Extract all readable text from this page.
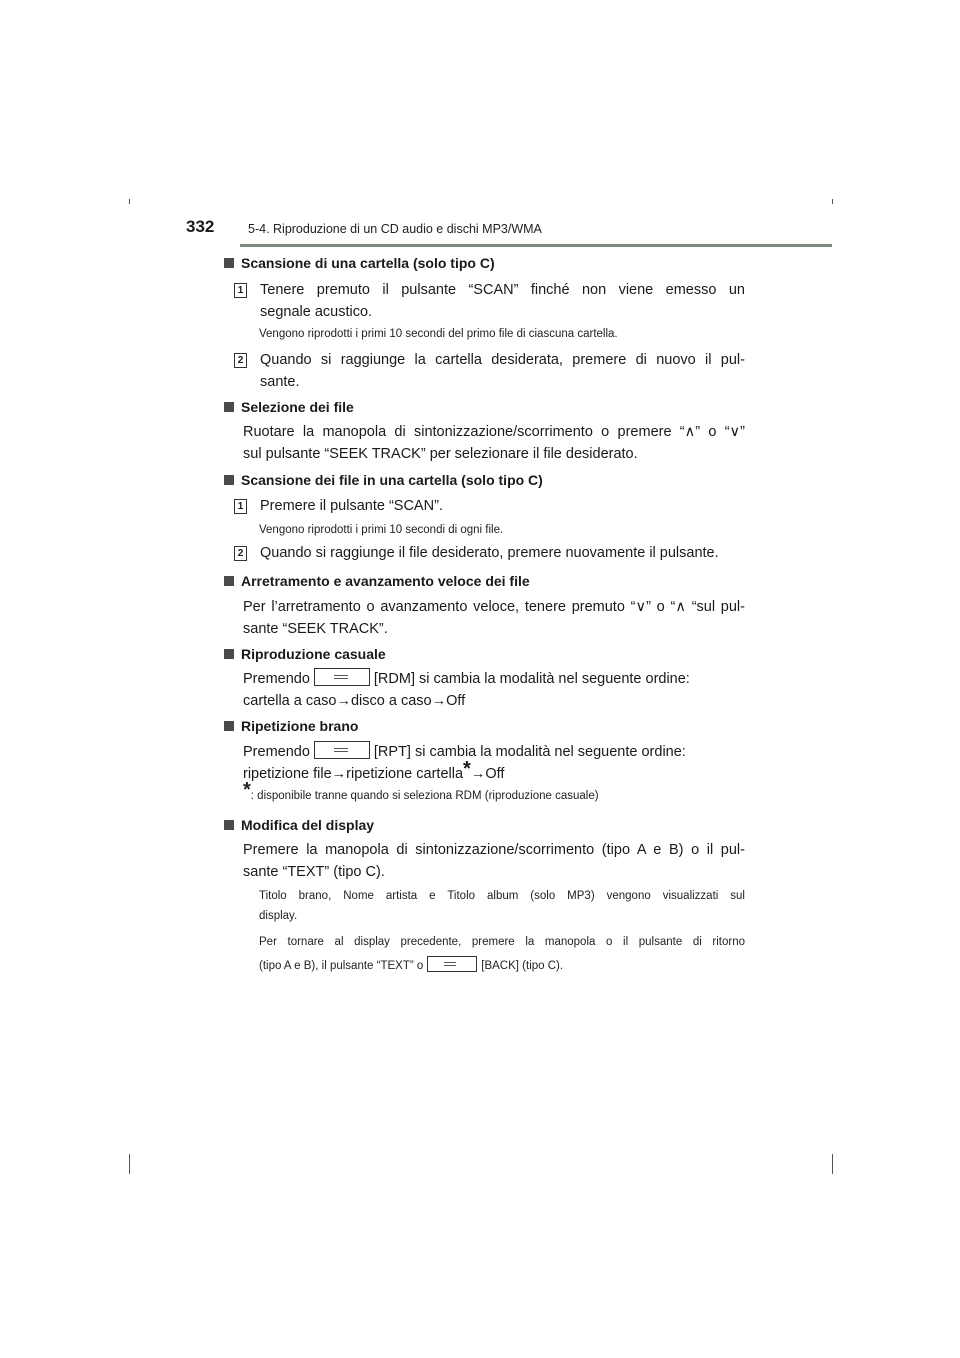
332	5-4. Riproduzione di un CD audio e dischi MP3/WMA
Scansione di una cartella (solo tipo C)
1 Tenere premuto il pulsante “SCAN” finché non viene emesso un
segnale acustico.
Vengono riprodotti i primi 10 secondi del primo file di ciascuna cartella.
2 Quando si raggiunge la cartella desiderata, premere di nuovo il pul-
sante.
Selezione dei file
Ruotare la manopola di sintonizzazione/scorrimento o premere “∧” o “∨”
sul pulsante “SEEK TRACK” per selezionare il file desiderato.
Scansione dei file in una cartella (solo tipo C)
1 Premere il pulsante “SCAN”.
Vengono riprodotti i primi 10 secondi di ogni file.
2 Quando si raggiunge il file desiderato, premere nuovamente il pulsante.
Arretramento e avanzamento veloce dei file
Per l’arretramento o avanzamento veloce, tenere premuto “∨” o “∧ “sul pul-
sante “SEEK TRACK”.
Riproduzione casuale
Premendo	[RDM] si cambia la modalità nel seguente ordine:
cartella a caso→disco a caso→Off
Ripetizione brano
Premendo	[RPT] si cambia la modalità nel seguente ordine:
ripetizione file→ripetizione cartella*→Off
*: disponibile tranne quando si seleziona RDM (riproduzione casuale)
Modifica del display
Premere la manopola di sintonizzazione/scorrimento (tipo A e B) o il pul-
sante “TEXT” (tipo C).
Titolo brano, Nome artista e Titolo album (solo MP3) vengono visualizzati sul
display.
Per tornare al display precedente, premere la manopola o il pulsante di ritorno
(tipo A e B), il pulsante “TEXT” o	[BACK] (tipo C).
